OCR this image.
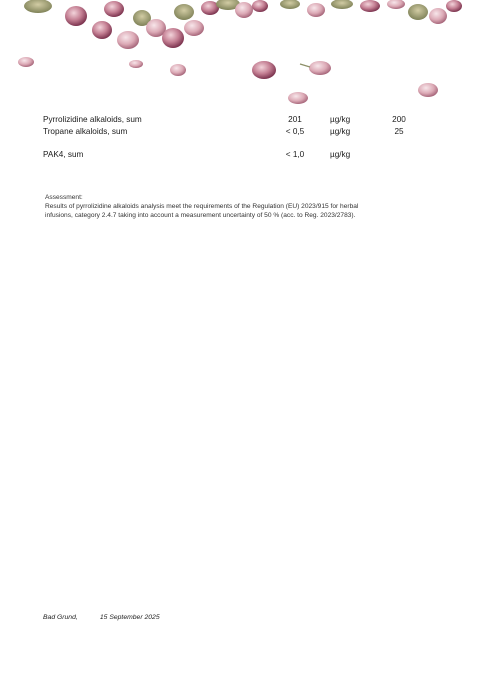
Pyrrolizidine alkaloids, sum	201	µg/kg	200
Tropane alkaloids, sum	< 0,5	µg/kg	25
PAK4, sum	< 1,0	µg/kg

Assessment:

Results of pyrrolizidine alkaloids analysis meet the requirements of the Regulation (EU) 2023/915 for herbal

infusions, category 2.4.7 taking into account a measurement uncertainty of 50 % (acc. to Reg. 2023/2783).

Bad Grund,	15 September 2025
